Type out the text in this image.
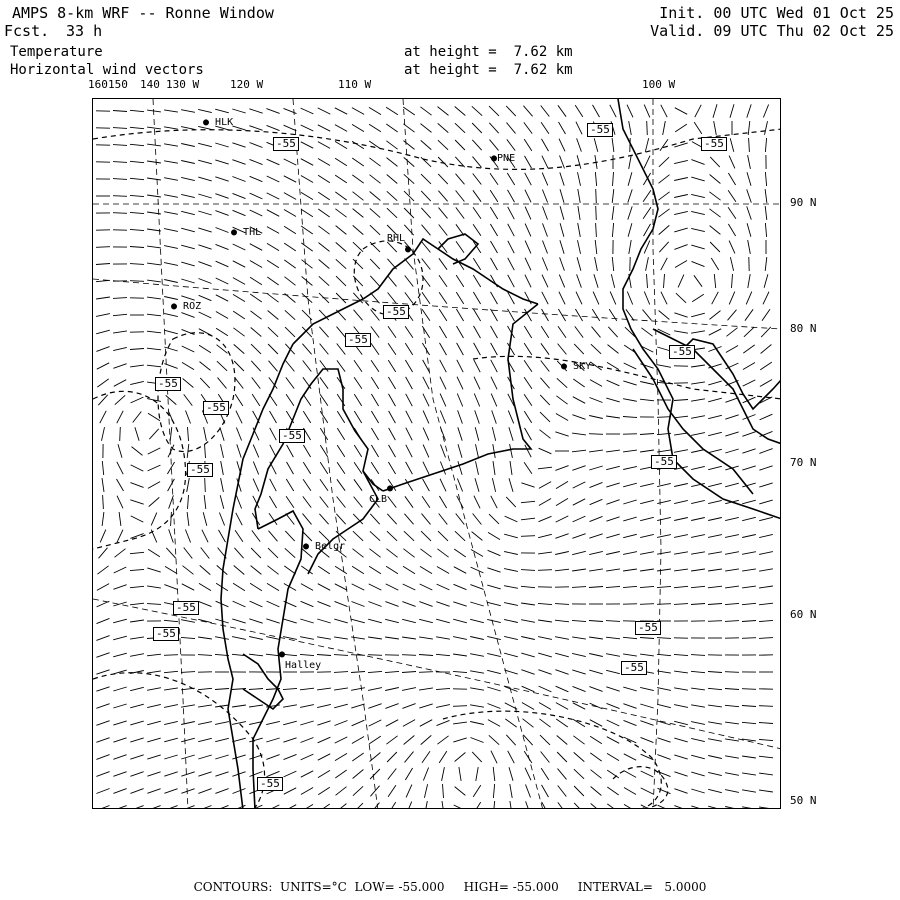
AMPS 8-km WRF -- Ronne Window
Fcst. 33 h
Init. 00 UTC Wed 01 Oct 25
Valid. 09 UTC Thu 02 Oct 25
Temperature
Horizontal wind vectors
at height =  7.62 km
at height =  7.62 km
160 150 140 130 W	120 W	110 W	100 W
90 N
80 N
70 N
60 N
50 N
● HLK
●PNE
● THL
RHL
●
● ROZ
● SKY
●
CLB
● Belgr
●
Halley
-55
-55
-55
-55
-55
-55
-55
-55
-55
-55
-55
-55
-55	-55
-55
-55
CONTOURS:  UNITS=°C  LOW= -55.000     HIGH= -55.000     INTERVAL=   5.0000
